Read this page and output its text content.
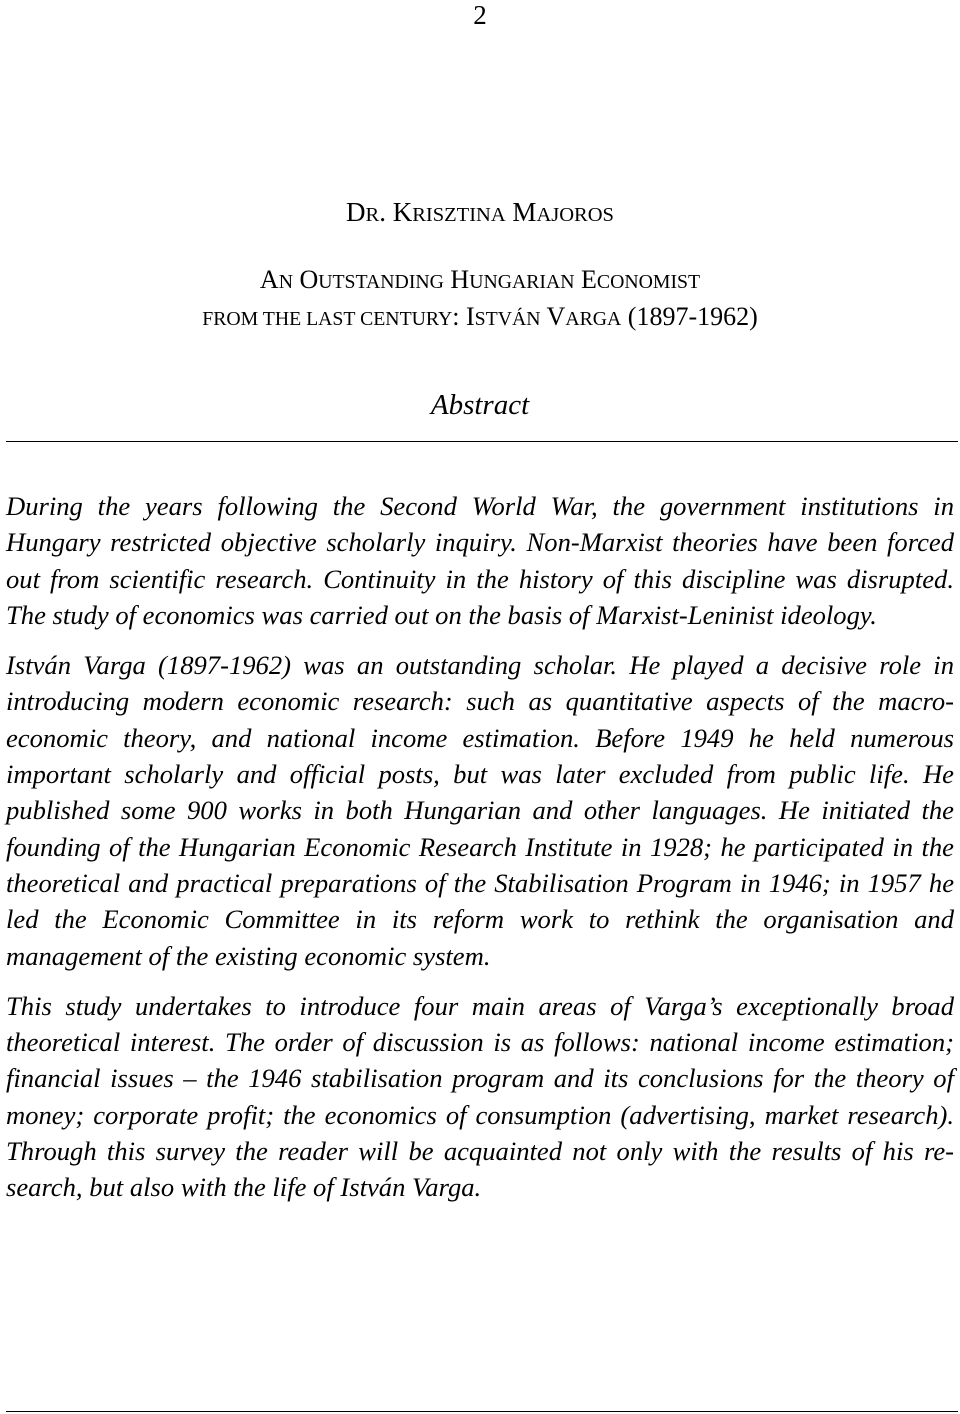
2
DR. KRISZTINA MAJOROS
AN OUTSTANDING HUNGARIAN ECONOMIST
FROM THE LAST CENTURY: ISTVÁN VARGA (1897-1962)
Abstract

During the years following the Second World War, the government institutions in Hungary restricted objective scholarly inquiry. Non-Marxist theories have been forced out from scientific research. Continuity in the history of this discipline was disrupted. The study of economics was carried out on the basis of Marxist-Leninist ideology.

István Varga (1897-1962) was an outstanding scholar. He played a decisive role in introducing modern economic research: such as quantitative aspects of the macro-economic theory, and national income estimation. Before 1949 he held numerous important scholarly and official posts, but was later excluded from public life. He published some 900 works in both Hungarian and other languages. He initiated the founding of the Hungarian Economic Research Institute in 1928; he participated in the theoretical and practical preparations of the Stabilisation Program in 1946; in 1957 he led the Economic Committee in its reform work to rethink the organisation and management of the existing economic system.

This study undertakes to introduce four main areas of Varga’s exceptionally broad theoretical interest. The order of discussion is as follows: national income estimation; financial issues – the 1946 stabilisation program and its conclusions for the theory of money; corporate profit; the economics of consumption (advertising, market research). Through this survey the reader will be acquainted not only with the results of his research, but also with the life of István Varga.
